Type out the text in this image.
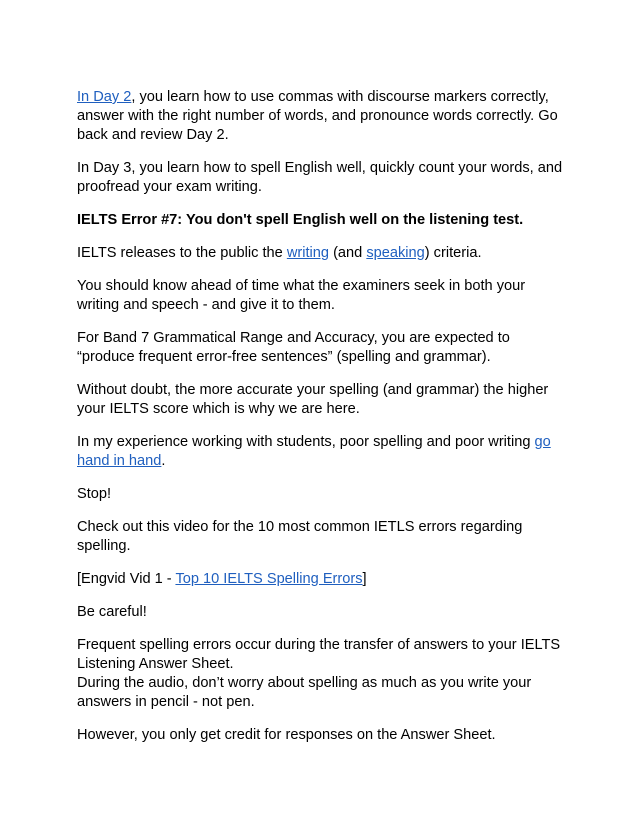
In Day 2, you learn how to use commas with discourse markers correctly, answer with the right number of words, and pronounce words correctly. Go back and review Day 2.

In Day 3, you learn how to spell English well, quickly count your words, and proofread your exam writing.

IELTS Error #7: You don't spell English well on the listening test.

IELTS releases to the public the writing (and speaking) criteria.

You should know ahead of time what the examiners seek in both your writing and speech - and give it to them.

For Band 7 Grammatical Range and Accuracy, you are expected to “produce frequent error-free sentences” (spelling and grammar).

Without doubt, the more accurate your spelling (and grammar) the higher your IELTS score which is why we are here.

In my experience working with students, poor spelling and poor writing go hand in hand.

Stop!

Check out this video for the 10 most common IETLS errors regarding spelling.

[Engvid Vid 1 - Top 10 IELTS Spelling Errors]

Be careful!

Frequent spelling errors occur during the transfer of answers to your IELTS Listening Answer Sheet.

During the audio, don’t worry about spelling as much as you write your answers in pencil - not pen.

However, you only get credit for responses on the Answer Sheet.
